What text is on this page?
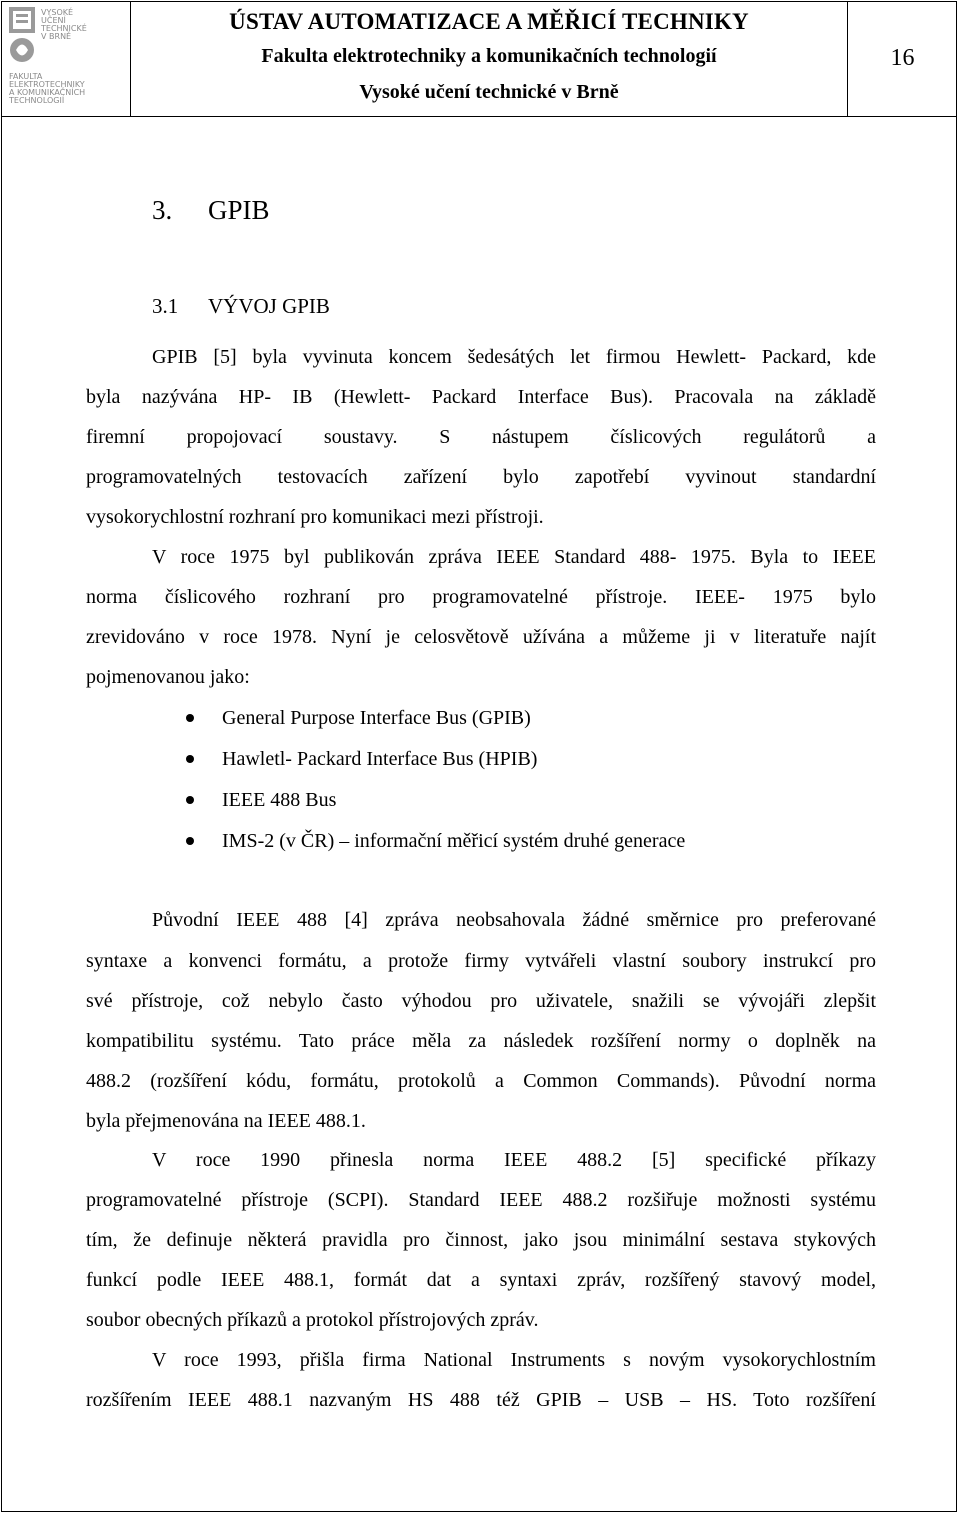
VYSOKÉ
UČENÍ
TECHNICKÉ
V BRNĚ
FAKULTA
ELEKTROTECHNIKY
A KOMUNIKAČNÍCH
TECHNOLOGIÍ
ÚSTAV AUTOMATIZACE A MĚŘICÍ TECHNIKY
Fakulta elektrotechniky a komunikačních technologií
Vysoké učení technické v Brně
16
3. GPIB
3.1 VÝVOJ GPIB
GPIB [5] byla vyvinuta koncem šedesátých let firmou Hewlett- Packard, kde
byla nazývána HP- IB (Hewlett- Packard Interface Bus). Pracovala na základě
firemní propojovací soustavy. S nástupem číslicových regulátorů a
programovatelných testovacích zařízení bylo zapotřebí vyvinout standardní
vysokorychlostní rozhraní pro komunikaci mezi přístroji.
V roce 1975 byl publikován zpráva IEEE Standard 488- 1975. Byla to IEEE
norma číslicového rozhraní pro programovatelné přístroje. IEEE- 1975 bylo
zrevidováno v roce 1978. Nyní je celosvětově užívána a můžeme ji v literatuře najít
pojmenovanou jako:
General Purpose Interface Bus (GPIB)
Hawletl- Packard Interface Bus (HPIB)
IEEE 488 Bus
IMS-2 (v ČR) – informační měřicí systém druhé generace
Původní IEEE 488 [4] zpráva neobsahovala žádné směrnice pro preferované
syntaxe a konvenci formátu, a protože firmy vytvářeli vlastní soubory instrukcí pro
své přístroje, což nebylo často výhodou pro uživatele, snažili se vývojáři zlepšit
kompatibilitu systému. Tato práce měla za následek rozšíření normy o doplněk na
488.2 (rozšíření kódu, formátu, protokolů a Common Commands). Původní norma
byla přejmenována na IEEE 488.1.
V roce 1990 přinesla norma IEEE 488.2 [5] specifické příkazy
programovatelné přístroje (SCPI). Standard IEEE 488.2 rozšiřuje možnosti systému
tím, že definuje některá pravidla pro činnost, jako jsou minimální sestava stykových
funkcí podle IEEE 488.1, formát dat a syntaxi zpráv, rozšířený stavový model,
soubor obecných příkazů a protokol přístrojových zpráv.
V roce 1993, přišla firma National Instruments s novým vysokorychlostním
rozšířením IEEE 488.1 nazvaným HS 488 též GPIB – USB – HS. Toto rozšíření
